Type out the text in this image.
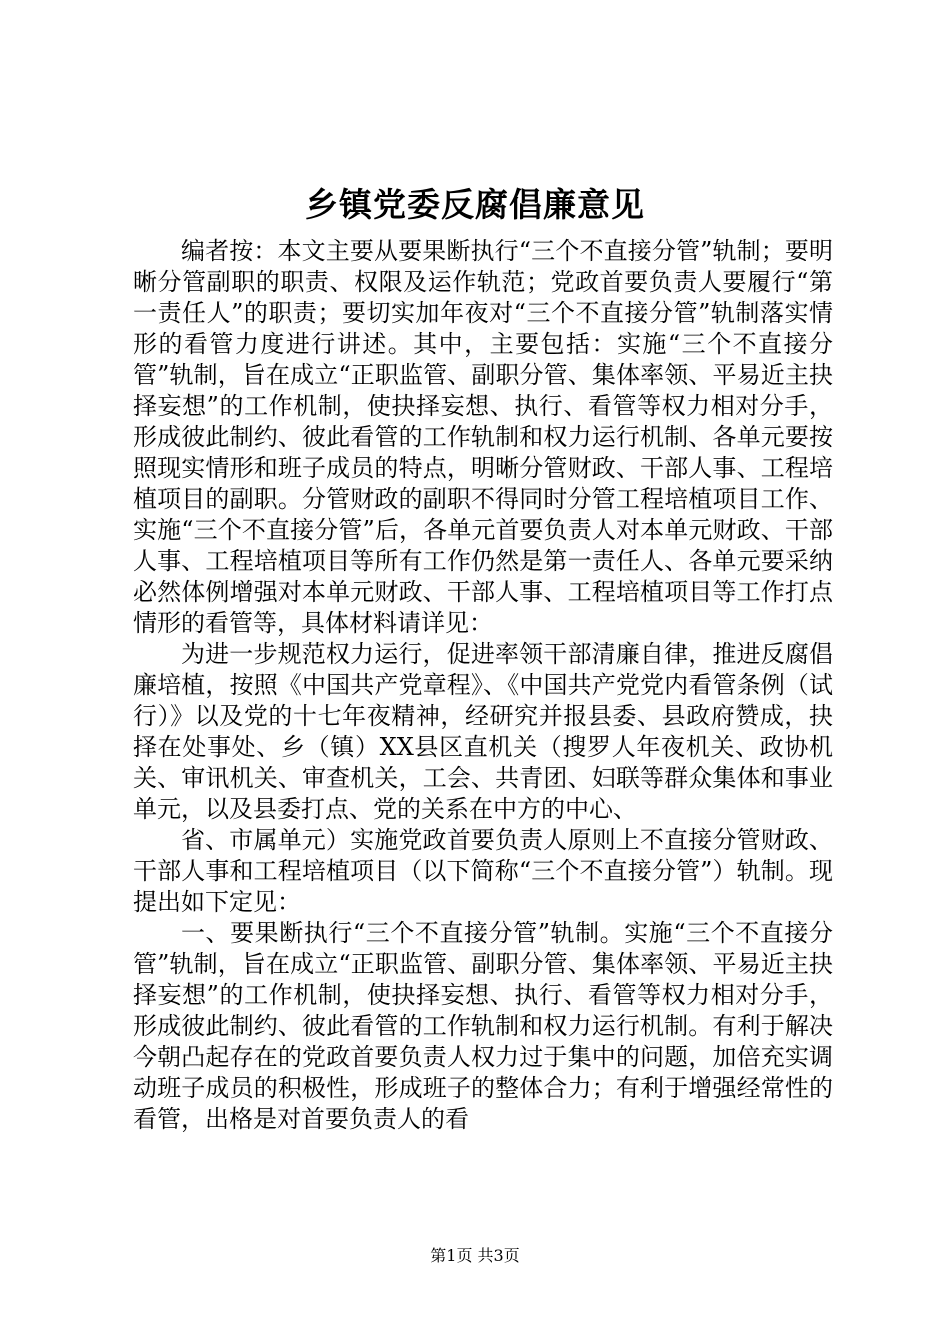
乡镇党委反腐倡廉意见

编者按：本文主要从要果断执行“三个不直接分管”轨制；要明晰分管副职的职责、权限及运作轨范；党政首要负责人要履行“第一责任人”的职责；要切实加年夜对“三个不直接分管”轨制落实情形的看管力度进行讲述。其中，主要包括：实施“三个不直接分管”轨制，旨在成立“正职监管、副职分管、集体率领、平易近主抉择妄想”的工作机制，使抉择妄想、执行、看管等权力相对分手，形成彼此制约、彼此看管的工作轨制和权力运行机制、各单元要按照现实情形和班子成员的特点，明晰分管财政、干部人事、工程培植项目的副职。分管财政的副职不得同时分管工程培植项目工作、实施“三个不直接分管”后，各单元首要负责人对本单元财政、干部人事、工程培植项目等所有工作仍然是第一责任人、各单元要采纳必然体例增强对本单元财政、干部人事、工程培植项目等工作打点情形的看管等，具体材料请详见：

为进一步规范权力运行，促进率领干部清廉自律，推进反腐倡廉培植，按照《中国共产党章程》、《中国共产党党内看管条例（试行）》以及党的十七年夜精神，经研究并报县委、县政府赞成，抉择在处事处、乡（镇）XX县区直机关（搜罗人年夜机关、政协机关、审讯机关、审查机关，工会、共青团、妇联等群众集体和事业单元，以及县委打点、党的关系在中方的中心、

省、市属单元）实施党政首要负责人原则上不直接分管财政、干部人事和工程培植项目（以下简称“三个不直接分管”）轨制。现提出如下定见：

一、要果断执行“三个不直接分管”轨制。实施“三个不直接分管”轨制，旨在成立“正职监管、副职分管、集体率领、平易近主抉择妄想”的工作机制，使抉择妄想、执行、看管等权力相对分手，形成彼此制约、彼此看管的工作轨制和权力运行机制。有利于解决今朝凸起存在的党政首要负责人权力过于集中的问题，加倍充实调动班子成员的积极性，形成班子的整体合力；有利于增强经常性的看管，出格是对首要负责人的看

第1页 共3页
